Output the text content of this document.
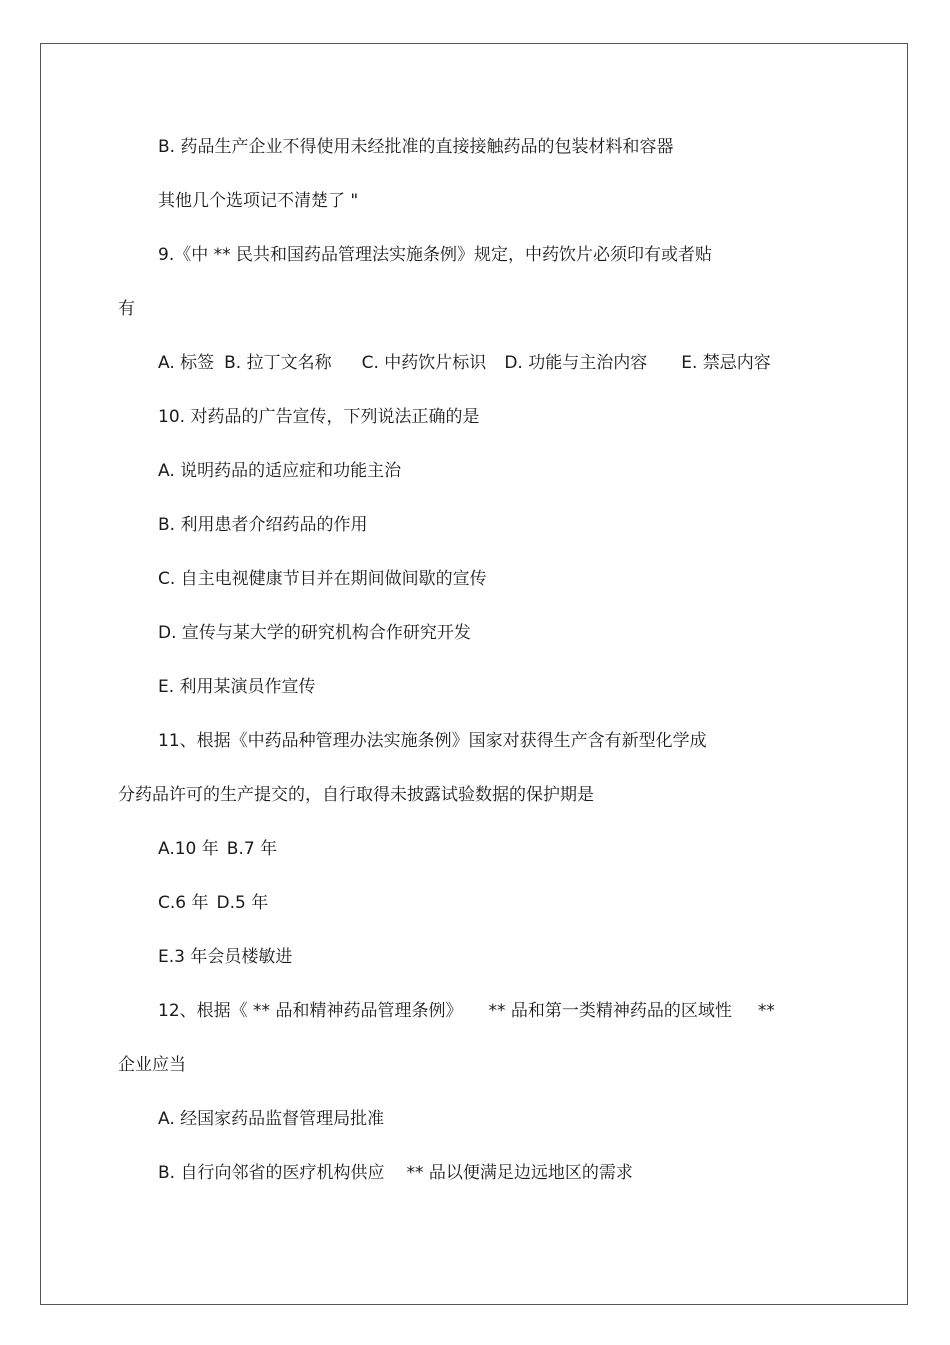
B. 药品生产企业不得使用未经批准的直接接触药品的包装材料和容器
其他几个选项记不清楚了 "
9.《中 ** 民共和国药品管理法实施条例》规定，中药饮片必须印有或者贴
有
A. 标签 B. 拉丁文名称 C. 中药饮片标识 D. 功能与主治内容 E. 禁忌内容
10. 对药品的广告宣传，下列说法正确的是
A. 说明药品的适应症和功能主治
B. 利用患者介绍药品的作用
C. 自主电视健康节目并在期间做间歇的宣传
D. 宣传与某大学的研究机构合作研究开发
E. 利用某演员作宣传
11、根据《中药品种管理办法实施条例》国家对获得生产含有新型化学成
分药品许可的生产提交的，自行取得未披露试验数据的保护期是
A.10 年 B.7 年
C.6 年 D.5 年
E.3 年会员楼敏进
12、根据《 ** 品和精神药品管理条例》 ** 品和第一类精神药品的区域性 **
企业应当
A. 经国家药品监督管理局批准
B. 自行向邻省的医疗机构供应 ** 品以便满足边远地区的需求
